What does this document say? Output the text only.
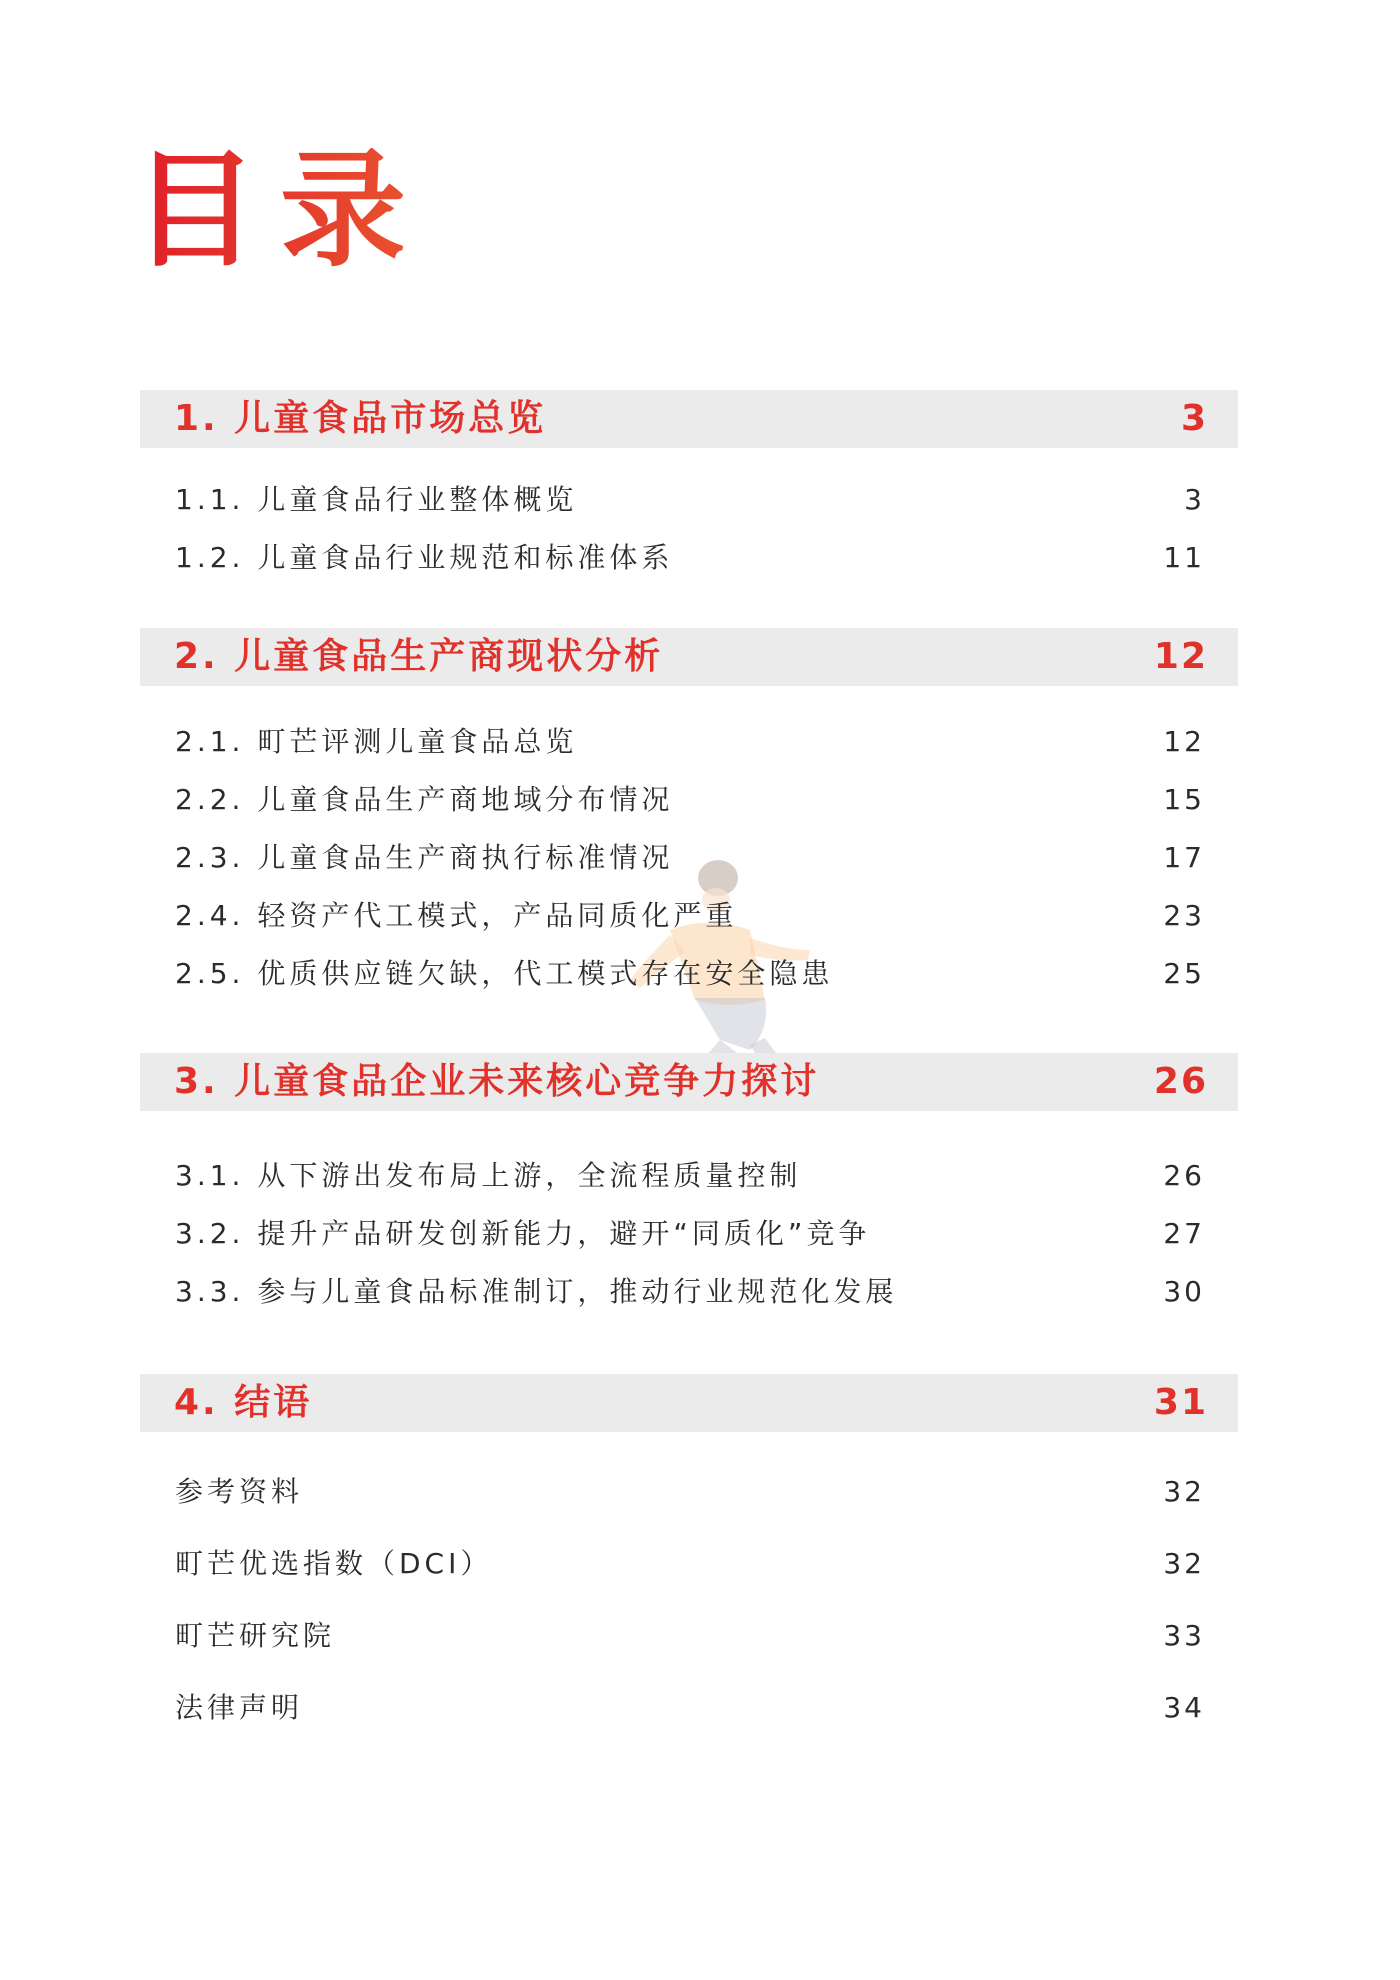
目录
1. 儿童食品市场总览	3
1.1. 儿童食品行业整体概览	3
1.2. 儿童食品行业规范和标准体系	11
2. 儿童食品生产商现状分析	12
2.1. 町芒评测儿童食品总览	12
2.2. 儿童食品生产商地域分布情况	15
2.3. 儿童食品生产商执行标准情况	17
2.4. 轻资产代工模式，产品同质化严重	23
2.5. 优质供应链欠缺，代工模式存在安全隐患	25
3. 儿童食品企业未来核心竞争力探讨	26
3.1. 从下游出发布局上游，全流程质量控制	26
3.2. 提升产品研发创新能力，避开“同质化”竞争	27
3.3. 参与儿童食品标准制订，推动行业规范化发展	30
4. 结语	31
参考资料	32
町芒优选指数（DCI）	32
町芒研究院	33
法律声明	34
